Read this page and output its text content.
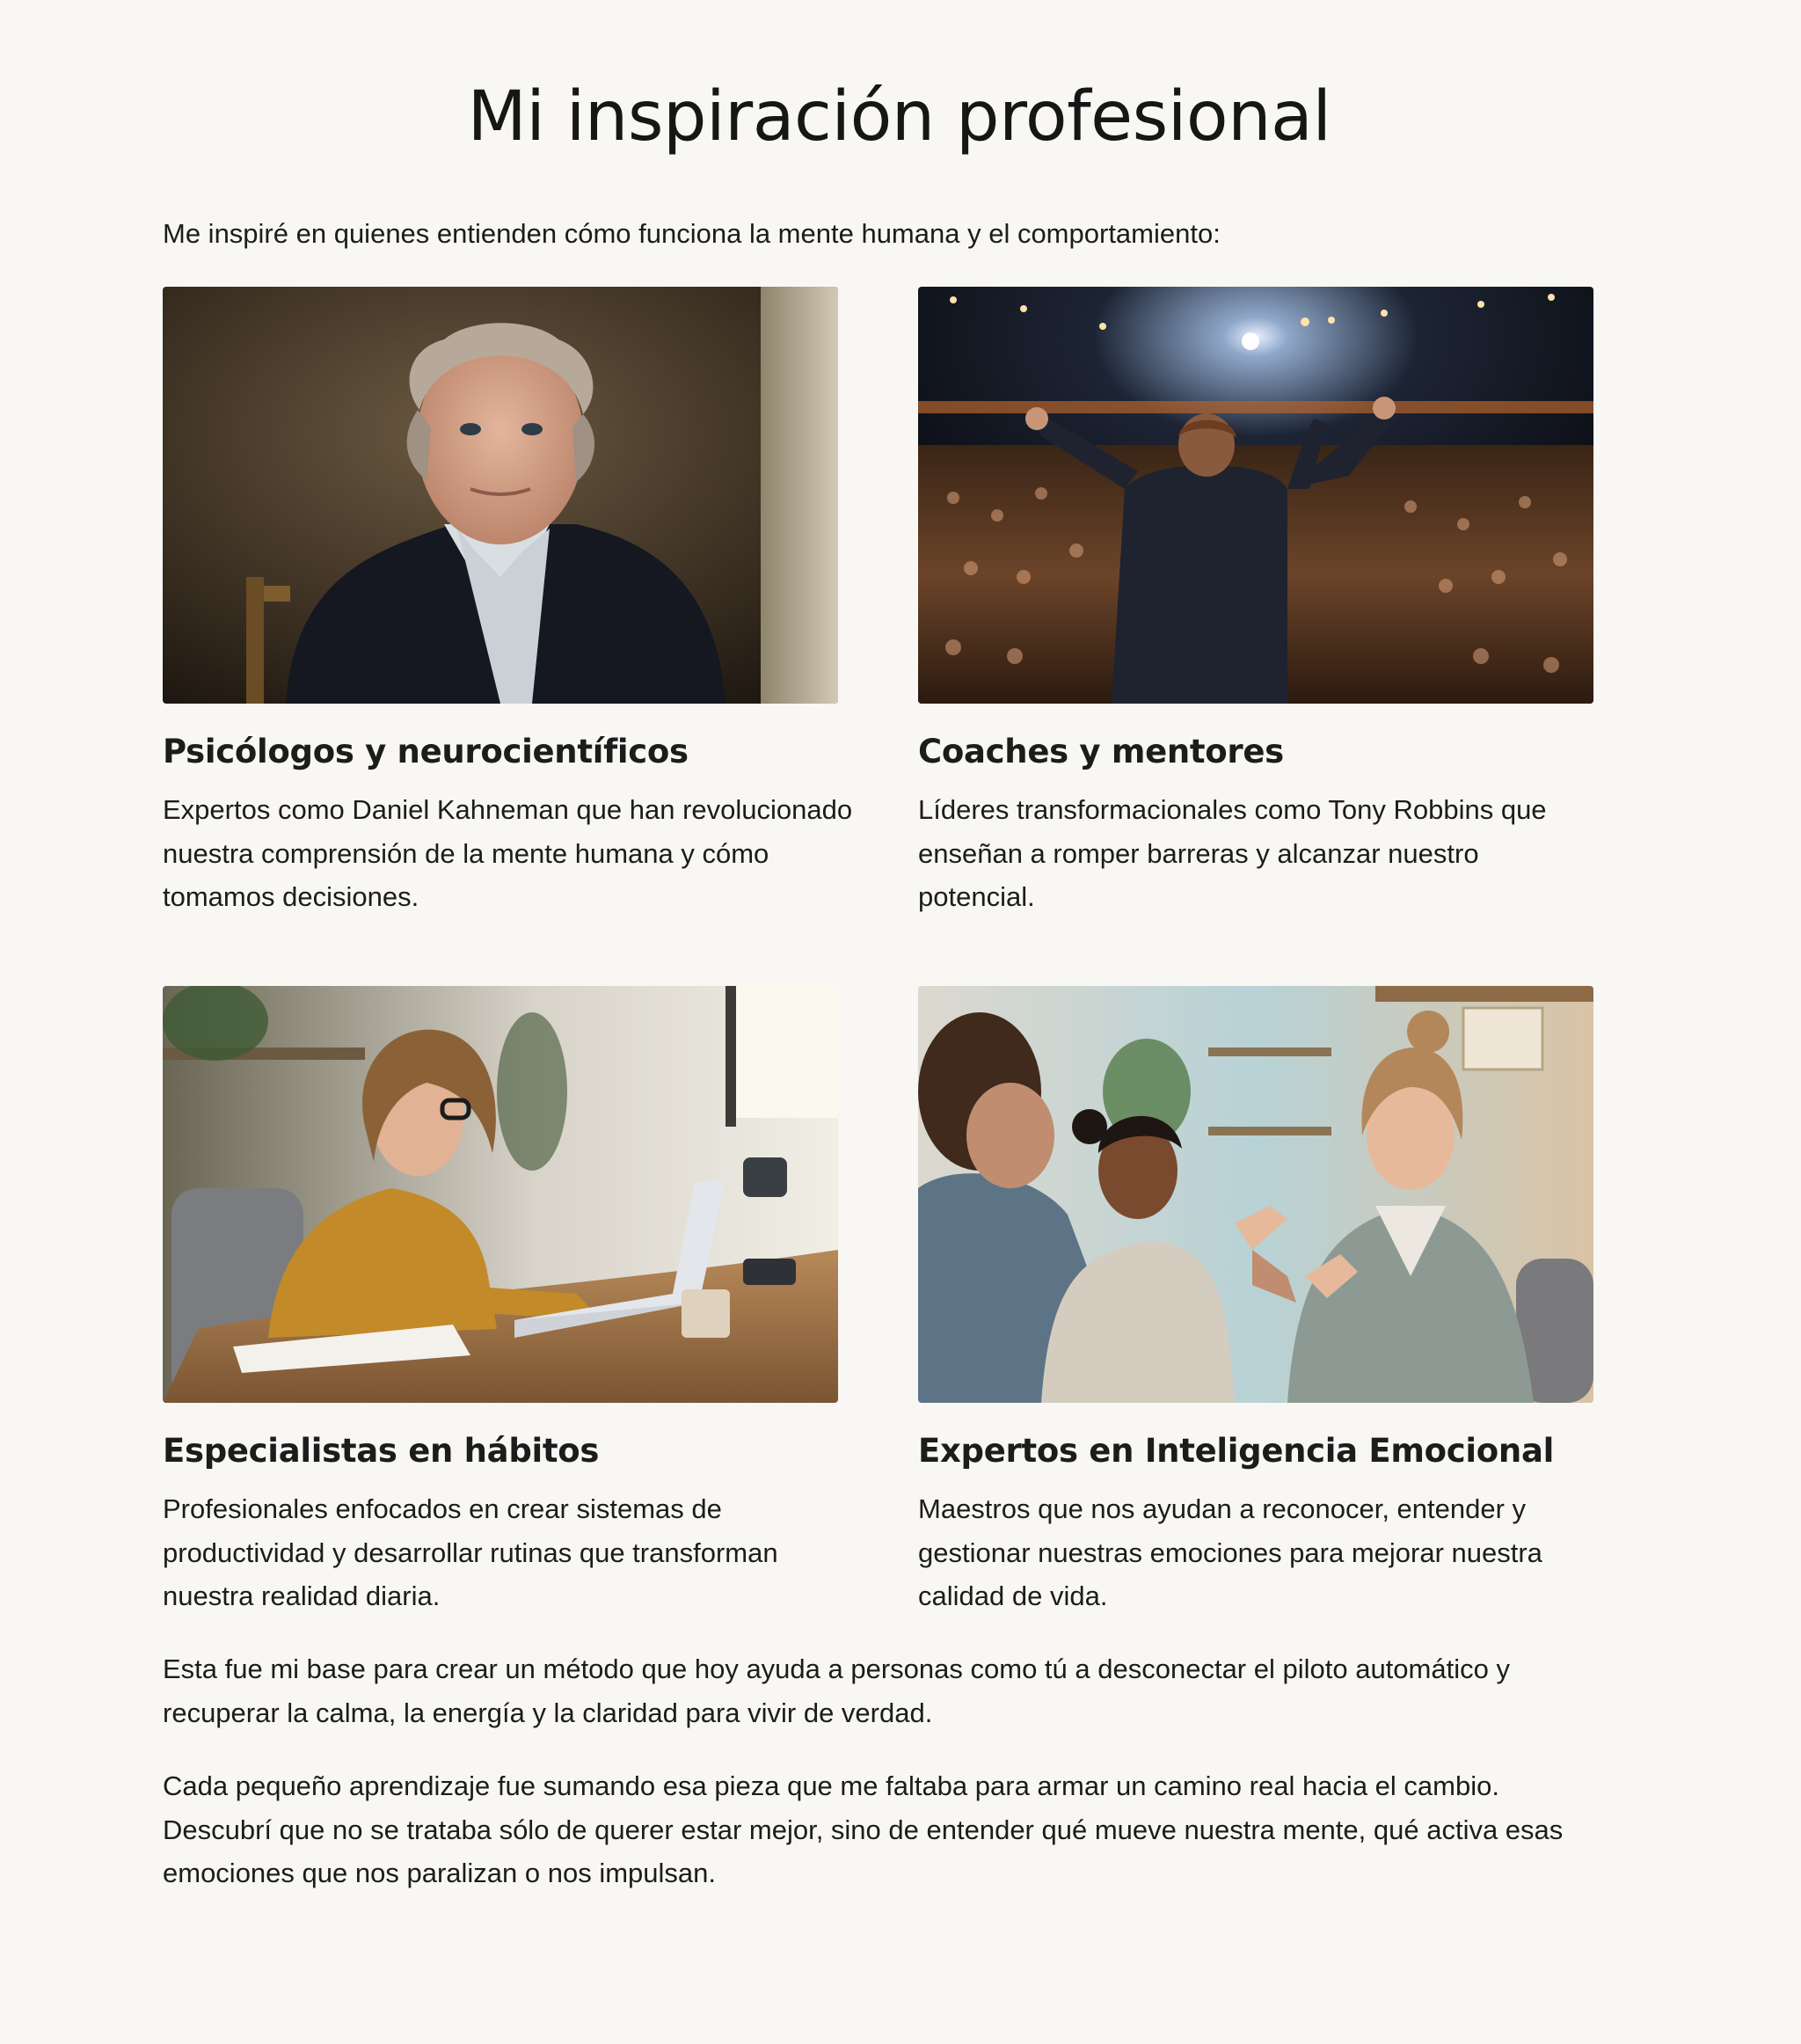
Mi inspiración profesional

Me inspiré en quienes entienden cómo funciona la mente humana y el comportamiento:

Psicólogos y neurocientíficos

Expertos como Daniel Kahneman que han revolucionado
nuestra comprensión de la mente humana y cómo
tomamos decisiones.

Coaches y mentores

Líderes transformacionales como Tony Robbins que
enseñan a romper barreras y alcanzar nuestro
potencial.

Especialistas en hábitos

Profesionales enfocados en crear sistemas de
productividad y desarrollar rutinas que transforman
nuestra realidad diaria.

Expertos en Inteligencia Emocional

Maestros que nos ayudan a reconocer, entender y
gestionar nuestras emociones para mejorar nuestra
calidad de vida.

Esta fue mi base para crear un método que hoy ayuda a personas como tú a desconectar el piloto automático y
recuperar la calma, la energía y la claridad para vivir de verdad.

Cada pequeño aprendizaje fue sumando esa pieza que me faltaba para armar un camino real hacia el cambio.
Descubrí que no se trataba sólo de querer estar mejor, sino de entender qué mueve nuestra mente, qué activa esas
emociones que nos paralizan o nos impulsan.
